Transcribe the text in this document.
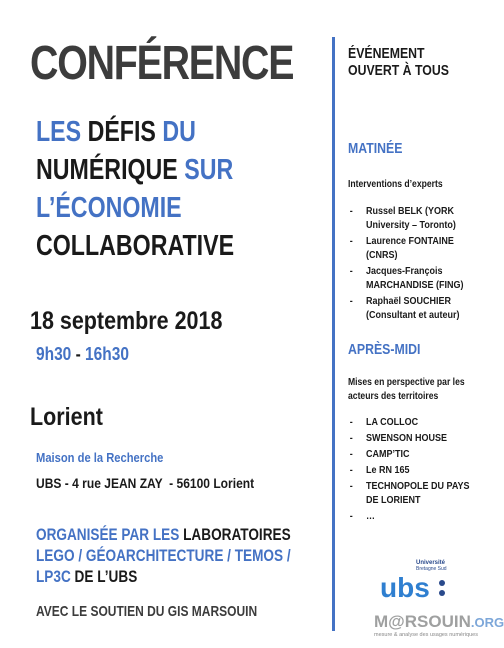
CONFÉRENCE
LES DÉFIS DU
NUMÉRIQUE SUR
L’ÉCONOMIE
COLLABORATIVE
18 septembre 2018
9h30 - 16h30
Lorient
Maison de la Recherche
UBS - 4 rue JEAN ZAY  - 56100 Lorient
ORGANISÉE PAR LES LABORATOIRES
LEGO / GÉOARCHITECTURE / TEMOS /
LP3C DE L’UBS
AVEC LE SOUTIEN DU GIS MARSOUIN
ÉVÉNEMENT
OUVERT À TOUS
MATINÉE
Interventions d’experts
- Russel BELK (YORK University – Toronto)
- Laurence FONTAINE (CNRS)
- Jacques-François MARCHANDISE (FING)
- Raphaël SOUCHIER (Consultant et auteur)
APRÈS-MIDI
Mises en perspective par les acteurs des territoires
- LA COLLOC
- SWENSON HOUSE
- CAMP’TIC
- Le RN 165
- TECHNOPOLE DU PAYS DE LORIENT
- …
Université
Bretagne Sud
ubs
M@RSOUIN.ORG
mesure & analyse des usages numériques
